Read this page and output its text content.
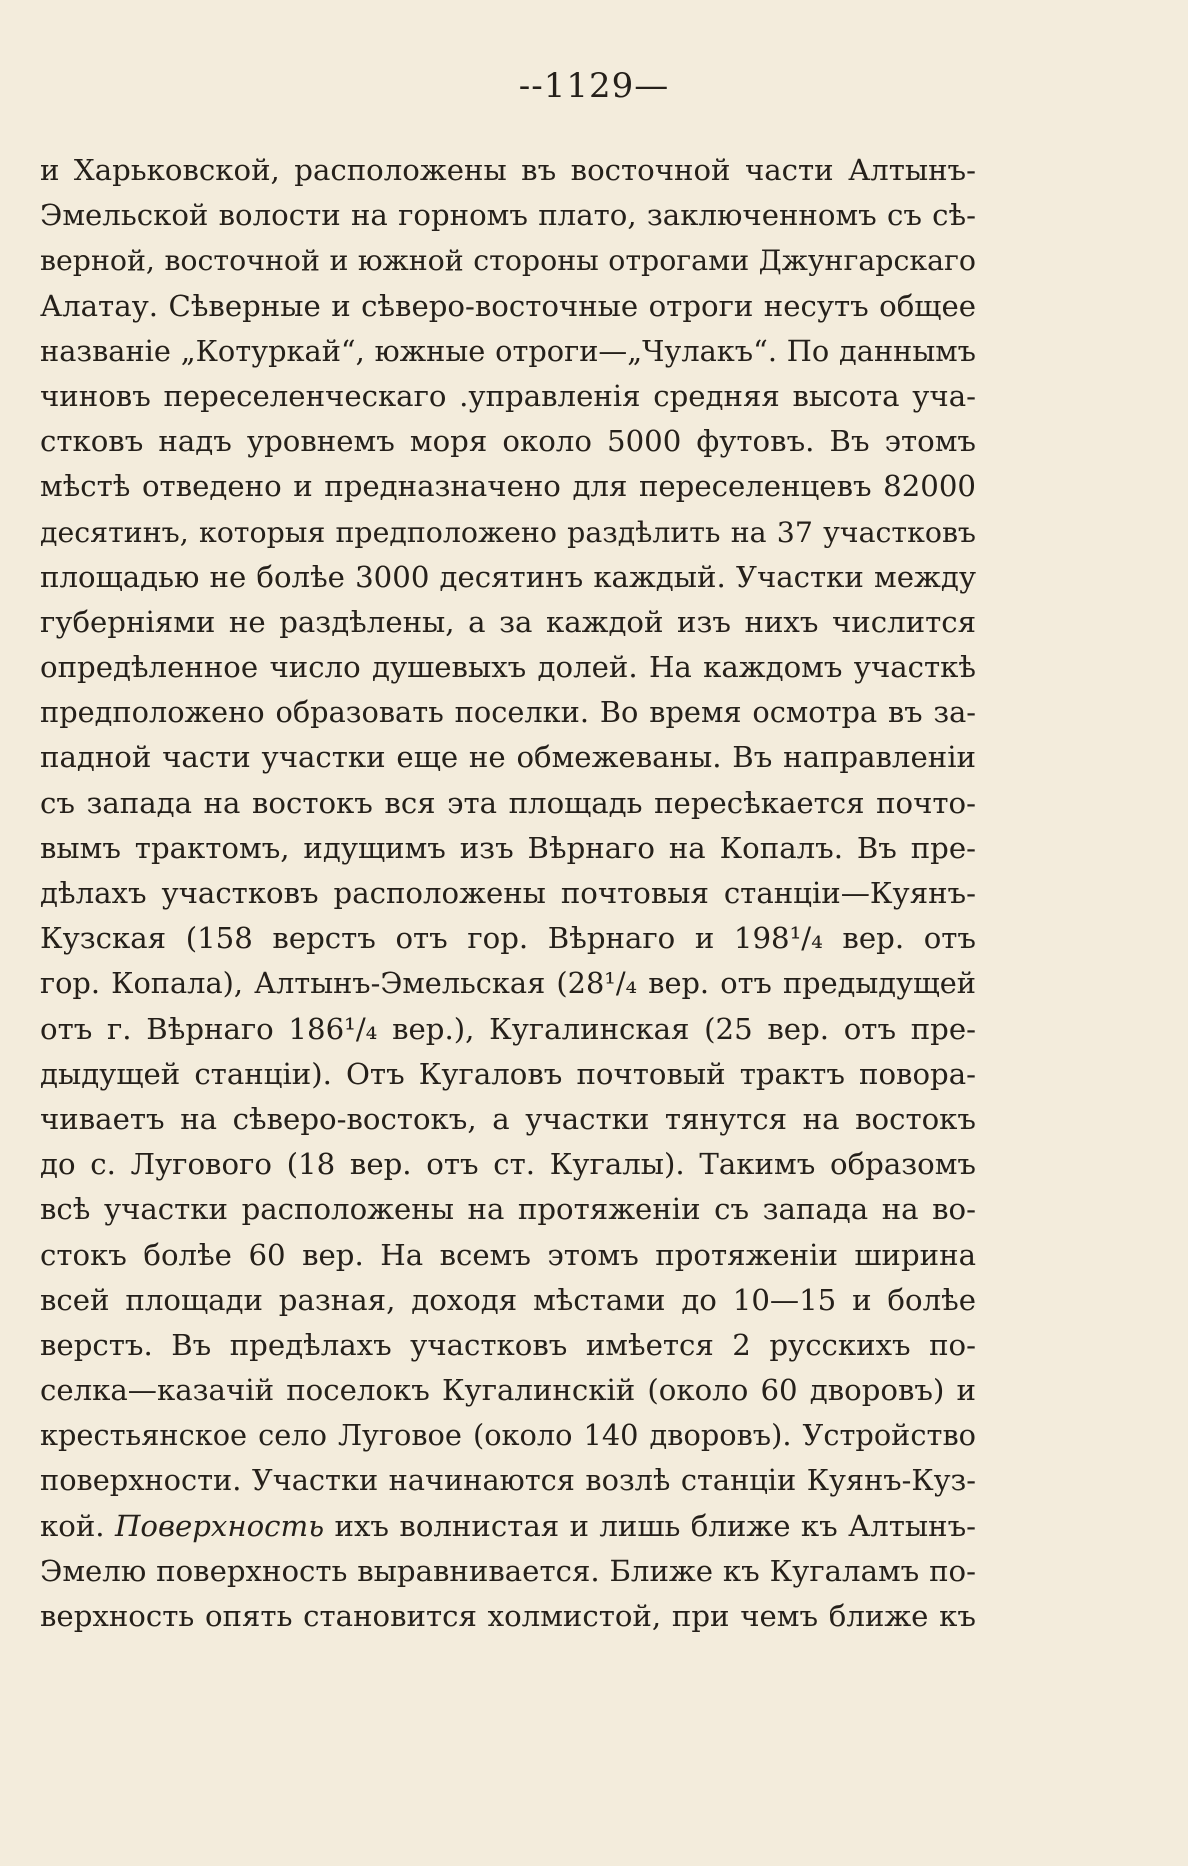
--1129—
и Харьковской, расположены въ восточной части Алтынъ-
Эмельской волости на горномъ плато, заключенномъ съ сѣ-
верной, восточной и южной стороны отрогами Джунгарскаго
Алатау. Сѣверные и сѣверо-восточные отроги несутъ общее
названіе „Котуркай“, южные отроги—„Чулакъ“. По даннымъ
чиновъ переселенческаго .управленія средняя высота уча-
стковъ надъ уровнемъ моря около 5000 футовъ. Въ этомъ
мѣстѣ отведено и предназначено для переселенцевъ 82000
десятинъ, которыя предположено раздѣлить на 37 участковъ
площадью не болѣе 3000 десятинъ каждый. Участки между
губерніями не раздѣлены, а за каждой изъ нихъ числится
опредѣленное число душевыхъ долей. На каждомъ участкѣ
предположено образовать поселки. Во время осмотра въ за-
падной части участки еще не обмежеваны. Въ направленіи
съ запада на востокъ вся эта площадь пересѣкается почто-
вымъ трактомъ, идущимъ изъ Вѣрнаго на Копалъ. Въ пре-
дѣлахъ участковъ расположены почтовыя станціи—Куянъ-
Кузская (158 верстъ отъ гор. Вѣрнаго и 198¹/₄ вер. отъ
гор. Копала), Алтынъ-Эмельская (28¹/₄ вер. отъ предыдущей
отъ г. Вѣрнаго 186¹/₄ вер.), Кугалинская (25 вер. отъ пре-
дыдущей станціи). Отъ Кугаловъ почтовый трактъ повора-
чиваетъ на сѣверо-востокъ, а участки тянутся на востокъ
до с. Лугового (18 вер. отъ ст. Кугалы). Такимъ образомъ
всѣ участки расположены на протяженіи съ запада на во-
стокъ болѣе 60 вер. На всемъ этомъ протяженіи ширина
всей площади разная, доходя мѣстами до 10—15 и болѣе
верстъ. Въ предѣлахъ участковъ имѣется 2 русскихъ по-
селка—казачій поселокъ Кугалинскій (около 60 дворовъ) и
крестьянское село Луговое (около 140 дворовъ). Устройство
поверхности. Участки начинаются возлѣ станціи Куянъ-Куз-
кой. Поверхность ихъ волнистая и лишь ближе къ Алтынъ-
Эмелю поверхность выравнивается. Ближе къ Кугаламъ по-
верхность опять становится холмистой, при чемъ ближе къ
